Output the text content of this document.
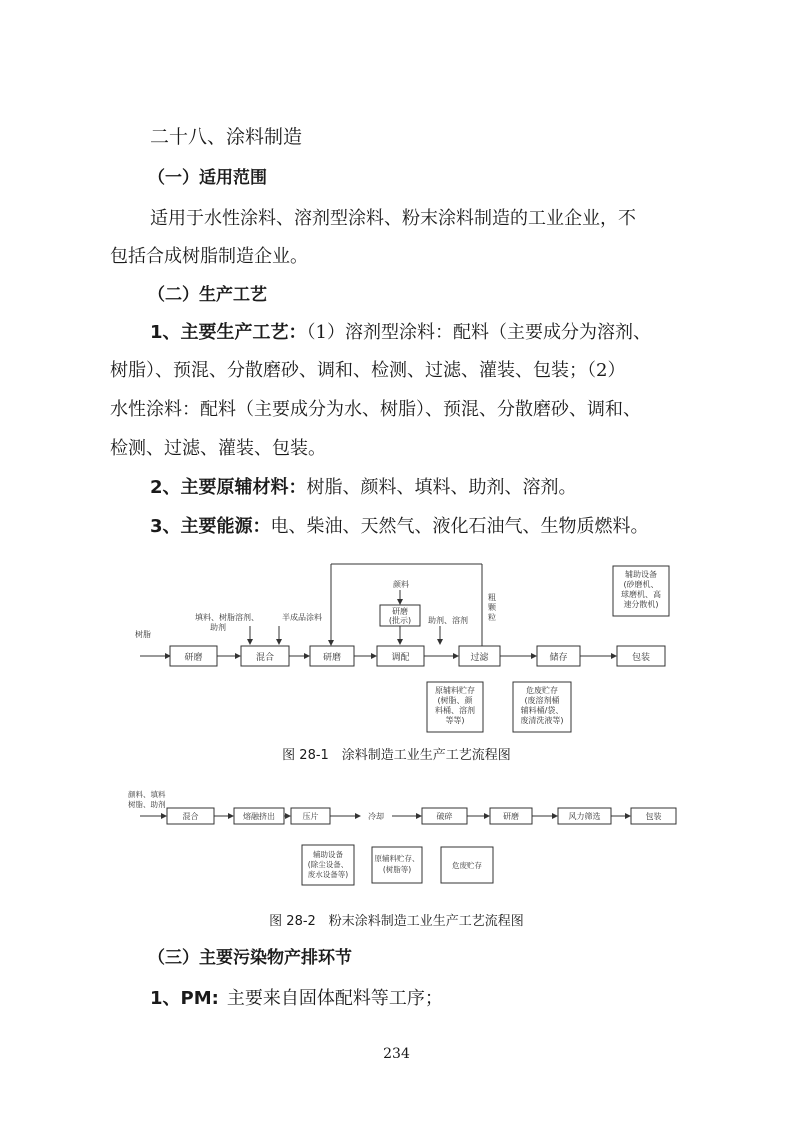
二十八、涂料制造
（一）适用范围
适用于水性涂料、溶剂型涂料、粉末涂料制造的工业企业，不
包括合成树脂制造企业。
（二）生产工艺
1、主要生产工艺：（1）溶剂型涂料：配料（主要成分为溶剂、
树脂）、预混、分散磨砂、调和、检测、过滤、灌装、包装；（2）
水性涂料：配料（主要成分为水、树脂）、预混、分散磨砂、调和、
检测、过滤、灌装、包装。
2、主要原辅材料：树脂、颜料、填料、助剂、溶剂。
3、主要能源：电、柴油、天然气、液化石油气、生物质燃料。
研磨	混合	研磨	调配	过滤	储存	包装
树脂
填料、树脂溶剂、
助剂
半成品涂料
颜料
研磨
(批示) 助剂、溶剂
粗
颗
粒
辅助设备
(砂磨机、
球磨机、高
速分散机)
原辅料贮存
(树脂、颜
料桶、溶剂
等等)
危废贮存
(废溶剂桶
辅料桶/袋、
废清洗液等)
图 28-1　涂料制造工业生产工艺流程图
颜料、填料
树脂、助剂
混合	熔融挤出	压片	冷却	破碎	研磨	风力筛选	包装
辅助设备
(除尘设备、
废水设备等)
原辅料贮存、
(树脂等)	危废贮存
图 28-2　粉末涂料制造工业生产工艺流程图
（三）主要污染物产排环节
1、PM: 主要来自固体配料等工序；
234
